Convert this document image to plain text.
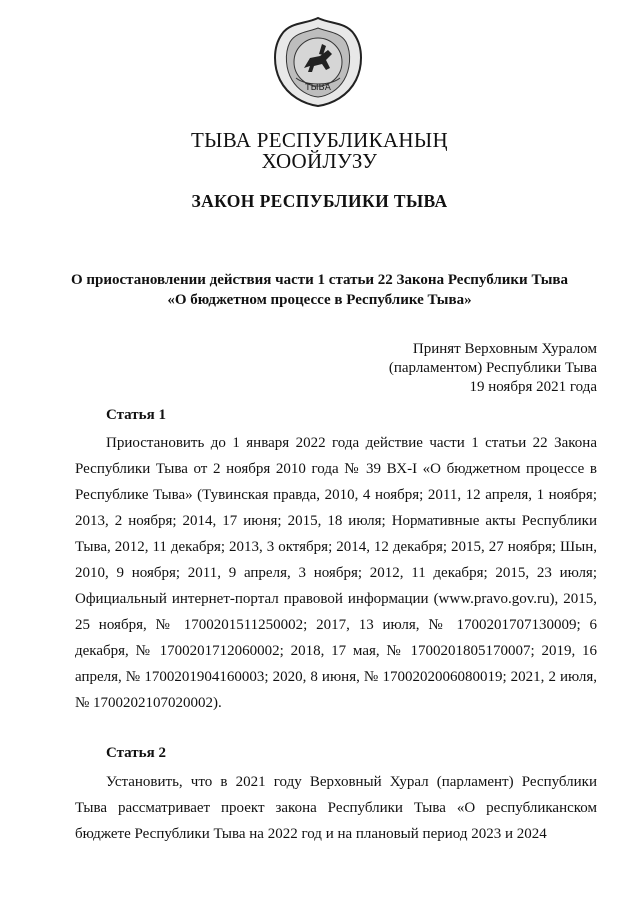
ТЫВА
ТЫВА РЕСПУБЛИКАНЫҢ
ХООЙЛУЗУ
ЗАКОН РЕСПУБЛИКИ ТЫВА
О приостановлении действия части 1 статьи 22 Закона Республики Тыва
«О бюджетном процессе в Республике Тыва»
Принят Верховным Хуралом
(парламентом) Республики Тыва
19 ноября 2021 года
Статья 1
Приостановить до 1 января 2022 года действие части 1 статьи 22 Закона Республики Тыва от 2 ноября 2010 года № 39 ВХ-I «О бюджетном процессе в Республике Тыва» (Тувинская правда, 2010, 4 ноября; 2011, 12 апреля, 1 ноября; 2013, 2 ноября; 2014, 17 июня; 2015, 18 июля; Нормативные акты Республики Тыва, 2012, 11 декабря; 2013, 3 октября; 2014, 12 декабря; 2015, 27 ноября; Шын, 2010, 9 ноября; 2011, 9 апреля, 3 ноября; 2012, 11 декабря; 2015, 23 июля; Официальный интернет-портал правовой информации (www.pravo.gov.ru), 2015, 25 ноября, № 1700201511250002; 2017, 13 июля, № 1700201707130009; 6 декабря, № 1700201712060002; 2018, 17 мая, № 1700201805170007; 2019, 16 апреля, № 1700201904160003; 2020, 8 июня, № 1700202006080019; 2021, 2 июля, № 1700202107020002).
Статья 2
Установить, что в 2021 году Верховный Хурал (парламент) Республики Тыва рассматривает проект закона Республики Тыва «О республиканском бюджете Республики Тыва на 2022 год и на плановый период 2023 и 2024
